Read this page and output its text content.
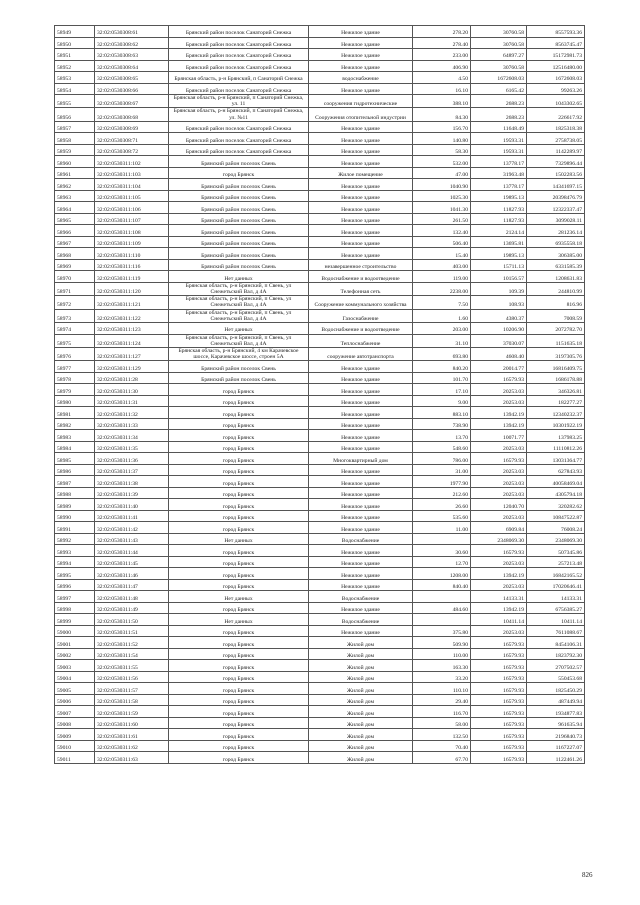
58949	32:02:0530308:61	Брянский район поселок Санаторий Снежка	Нежилое здание	278.20	30760.58	8557593.36
58950	32:02:0530308:62	Брянский район поселок Санаторий Снежка	Нежилое здание	278.40	30760.58	8563745.47
58951	32:02:0530308:63	Брянский район поселок Санаторий Снежка	Нежилое здание	233.00	64897.27	15172981.73
58952	32:02:0530308:64	Брянский район поселок Санаторий Снежка	Нежилое здание	406.90	30760.58	12516480.00
58953	32:02:0530308:65	Брянская область, р-н Брянский, п Санаторий Снежка	водоснабжение	4.50	1672608.03	1672608.03
58954	32:02:0530308:66	Брянский район поселок Санаторий Снежка	Нежилое здание	16.10	6165.42	99263.26
58955	32:02:0530308:67	Брянская область, р-н Брянский, п Санаторий Снежка, ул. 11	сооружения гидротехнические	388.10	2688.23	1043302.65
58956	32:02:0530308:68	Брянская область, р-н Брянский, п Санаторий Снежка, ул. №11	Сооружения отопительной индустрии	84.30	2688.23	226617.92
58957	32:02:0530308:69	Брянский район поселок Санаторий Снежка	Нежилое здание	156.70	11648.49	1825318.38
58958	32:02:0530308:71	Брянский район поселок Санаторий Снежка	Нежилое здание	140.80	19593.31	2758738.05
58959	32:02:0530308:72	Брянский район поселок Санаторий Снежка	Нежилое здание	58.30	19593.31	1142289.97
58960	32:02:0530311:102	Брянский район поселок Свень	Нежилое здание	532.00	13778.17	7329896.44
58961	32:02:0530311:103	город Брянск	Жилое помещение	47.00	31963.48	1502283.56
58962	32:02:0530311:104	Брянский район поселок Свень	Нежилое здание	1040.90	13778.17	14341697.15
58963	32:02:0530311:105	Брянский район поселок Свень	Нежилое здание	1025.30	19895.13	20398476.79
58964	32:02:0530311:106	Брянский район поселок Свень	Нежилое здание	1041.30	11827.93	12322337.47
58965	32:02:0530311:107	Брянский район поселок Свень	Нежилое здание	261.50	11827.93	3099028.11
58966	32:02:0530311:108	Брянский район поселок Свень	Нежилое здание	132.40	2124.14	281236.14
58967	32:02:0530311:109	Брянский район поселок Свень	Нежилое здание	506.40	13695.81	6935558.18
58968	32:02:0530311:110	Брянский район поселок Свень	Нежилое здание	15.40	19895.13	306385.00
58969	32:02:0530311:116	Брянский район поселок Свень	незавершенное строительство	403.00	15711.13	6331585.39
58970	32:02:0530311:119	Нет данных	Водоснабжение и водоотведение	119.00	10156.57	1208631.83
58971	32:02:0530311:120	Брянская область, р-н Брянский, п Свень, ул Снежетьский Вал, д 4А	Телефонная сеть	2238.00	109.39	244810.99
58972	32:02:0530311:121	Брянская область, р-н Брянский, п Свень, ул Снежетьский Вал, д 4А	Сооружение коммунального хозяйства	7.50	108.93	816.96
58973	32:02:0530311:122	Брянская область, р-н Брянский, п Свень, ул Снежетьский Вал, д 4А	Газоснабжение	1.60	4380.37	7008.59
58974	32:02:0530311:123	Нет данных	Водоснабжение и водоотведение	203.00	10206.90	2072782.70
58975	32:02:0530311:124	Брянская область, р-н Брянский, п Свень, ул Снежетьский Вал, д 4А	Теплоснабжение	31.10	37030.07	1151635.18
58976	32:02:0530311:127	Брянская область, р-н Брянский, 4 км Карачевское шоссе, Карачевское шоссе, строен 5А	сооружение автотранспорта	693.80	4608.40	3197305.76
58977	32:02:0530311:129	Брянский район поселок Свень	Нежилое здание	840.20	20014.77	16816409.75
58978	32:02:0530311:28	Брянский район поселок Свень	Нежилое здание	101.70	16579.93	1686178.88
58979	32:02:0530311:30	город Брянск	Нежилое здание	17.10	20253.03	346326.81
58980	32:02:0530311:31	город Брянск	Нежилое здание	9.00	20253.03	182277.27
58981	32:02:0530311:32	город Брянск	Нежилое здание	883.10	13942.19	12340232.37
58982	32:02:0530311:33	город Брянск	Нежилое здание	738.90	13942.19	10301922.19
58983	32:02:0530311:34	город Брянск	Нежилое здание	13.70	10071.77	137983.25
58984	32:02:0530311:35	город Брянск	Нежилое здание	548.60	20253.03	11110812.26
58985	32:02:0530311:36	город Брянск	Многоквартирный дом	786.00	16579.93	13031364.77
58986	32:02:0530311:37	город Брянск	Нежилое здание	31.00	20253.03	627843.93
58987	32:02:0530311:38	город Брянск	Нежилое здание	1977.90	20253.03	40058469.04
58988	32:02:0530311:39	город Брянск	Нежилое здание	212.60	20253.03	4305794.18
58989	32:02:0530311:40	город Брянск	Нежилое здание	26.60	12040.70	320282.62
58990	32:02:0530311:41	город Брянск	Нежилое здание	535.60	20253.03	10847522.87
58991	32:02:0530311:42	город Брянск	Нежилое здание	11.00	6909.84	76008.24
58992	32:02:0530311:43	Нет данных	Водоснабжение		2348069.30	2348069.30
58993	32:02:0530311:44	город Брянск	Нежилое здание	30.60	16579.93	507345.86
58994	32:02:0530311:45	город Брянск	Нежилое здание	12.70	20253.03	257213.48
58995	32:02:0530311:46	город Брянск	Нежилое здание	1208.00	13942.19	16842165.52
58996	32:02:0530311:47	город Брянск	Нежилое здание	840.40	20253.03	17020646.41
58997	32:02:0530311:48	Нет данных	Водоснабжение		14133.31	14133.31
58998	32:02:0530311:49	город Брянск	Нежилое здание	484.60	13942.19	6756385.27
58999	32:02:0530311:50	Нет данных	Водоснабжение		10411.14	10411.14
59000	32:02:0530311:51	город Брянск	Нежилое здание	375.80	20253.03	7611088.67
59001	32:02:0530311:52	город Брянск	Жилой дом	509.90	16579.93	8454106.31
59002	32:02:0530311:54	город Брянск	Жилой дом	110.00	16579.93	1823792.30
59003	32:02:0530311:55	город Брянск	Жилой дом	163.30	16579.93	2707502.57
59004	32:02:0530311:56	город Брянск	Жилой дом	33.20	16579.93	550453.68
59005	32:02:0530311:57	город Брянск	Жилой дом	110.10	16579.93	1825450.29
59006	32:02:0530311:58	город Брянск	Жилой дом	29.40	16579.93	487449.94
59007	32:02:0530311:59	город Брянск	Жилой дом	116.70	16579.93	1934877.83
59008	32:02:0530311:60	город Брянск	Жилой дом	58.00	16579.93	961635.94
59009	32:02:0530311:61	город Брянск	Жилой дом	132.50	16579.93	2196840.73
59010	32:02:0530311:62	город Брянск	Жилой дом	70.40	16579.93	1167227.07
59011	32:02:0530311:63	город Брянск	Жилой дом	67.70	16579.93	1122461.26
826
